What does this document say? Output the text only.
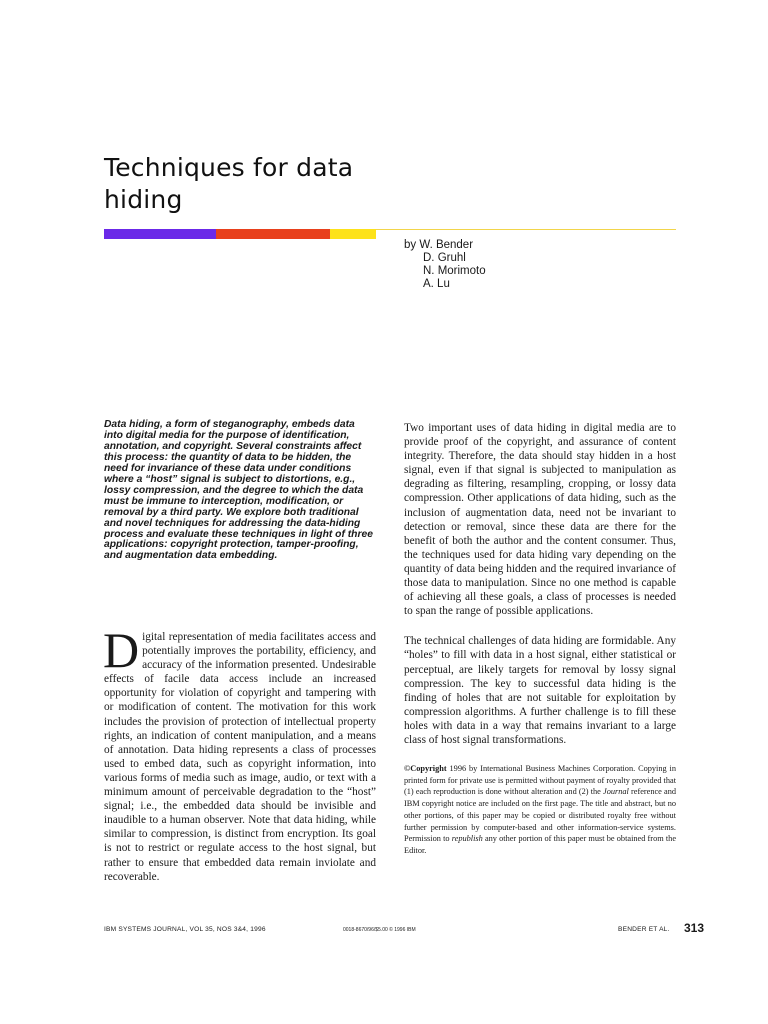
Techniques for data
hiding
by W. Bender
D. Gruhl
N. Morimoto
A. Lu
Data hiding, a form of steganography, embeds data into digital media for the purpose of identification, annotation, and copyright. Several constraints affect this process: the quantity of data to be hidden, the need for invariance of these data under conditions where a “host” signal is subject to distortions, e.g., lossy compression, and the degree to which the data must be immune to interception, modification, or removal by a third party. We explore both traditional and novel techniques for addressing the data-hiding process and evaluate these techniques in light of three applications: copyright protection, tamper-proofing, and augmentation data embedding.
Digital representation of media facilitates access and potentially improves the portability, efficiency, and accuracy of the information presented. Undesirable effects of facile data access include an increased opportunity for violation of copyright and tampering with or modification of content. The motivation for this work includes the provision of protection of intellectual property rights, an indication of content manipulation, and a means of annotation. Data hiding represents a class of processes used to embed data, such as copyright information, into various forms of media such as image, audio, or text with a minimum amount of perceivable degradation to the “host” signal; i.e., the embedded data should be invisible and inaudible to a human observer. Note that data hiding, while similar to compression, is distinct from encryption. Its goal is not to restrict or regulate access to the host signal, but rather to ensure that embedded data remain inviolate and recoverable.

Two important uses of data hiding in digital media are to provide proof of the copyright, and assurance of content integrity. Therefore, the data should stay hidden in a host signal, even if that signal is subjected to manipulation as degrading as filtering, resampling, cropping, or lossy data compression. Other applications of data hiding, such as the inclusion of augmentation data, need not be invariant to detection or removal, since these data are there for the benefit of both the author and the content consumer. Thus, the techniques used for data hiding vary depending on the quantity of data being hidden and the required invariance of those data to manipulation. Since no one method is capable of achieving all these goals, a class of processes is needed to span the range of possible applications.

The technical challenges of data hiding are formidable. Any “holes” to fill with data in a host signal, either statistical or perceptual, are likely targets for removal by lossy signal compression. The key to successful data hiding is the finding of holes that are not suitable for exploitation by compression algorithms. A further challenge is to fill these holes with data in a way that remains invariant to a large class of host signal transformations.

©Copyright 1996 by International Business Machines Corporation. Copying in printed form for private use is permitted without payment of royalty provided that (1) each reproduction is done without alteration and (2) the Journal reference and IBM copyright notice are included on the first page. The title and abstract, but no other portions, of this paper may be copied or distributed royalty free without further permission by computer-based and other information-service systems. Permission to republish any other portion of this paper must be obtained from the Editor.
IBM SYSTEMS JOURNAL, VOL 35, NOS 3&4, 1996	0018-8670/96/$5.00 © 1996 IBM	BENDER ET AL. 313
